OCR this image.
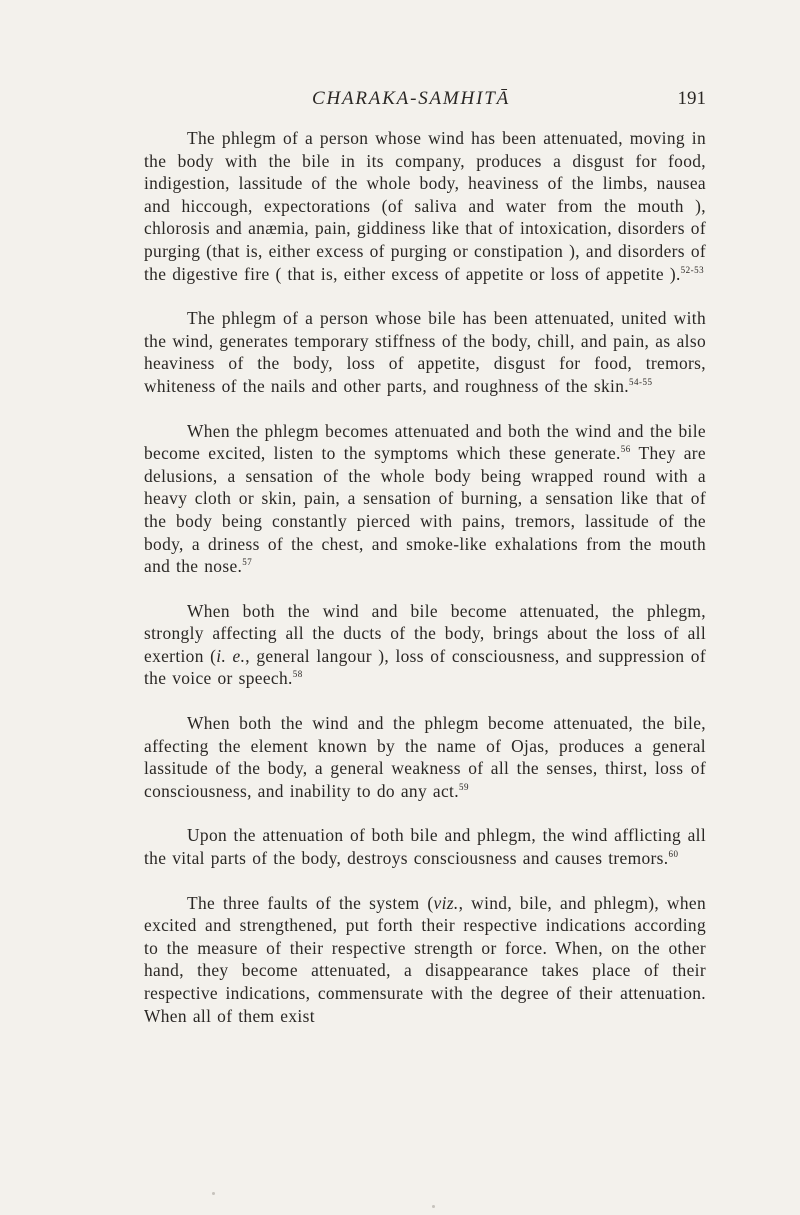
CHARAKA-SAMHITĀ	191

The phlegm of a person whose wind has been attenuated, moving in the body with the bile in its company, produces a disgust for food, indigestion, lassitude of the whole body, heaviness of the limbs, nausea and hiccough, expectorations (of saliva and water from the mouth ), chlorosis and anæmia, pain, giddiness like that of intoxication, disorders of purging (that is, either excess of purging or constipation ), and disorders of the digestive fire ( that is, either excess of appetite or loss of appetite ).$^{52-53}$

The phlegm of a person whose bile has been attenuated, united with the wind, generates temporary stiffness of the body, chill, and pain, as also heaviness of the body, loss of appetite, disgust for food, tremors, whiteness of the nails and other parts, and roughness of the skin.$^{54-55}$

When the phlegm becomes attenuated and both the wind and the bile become excited, listen to the symptoms which these generate.$^{56}$ They are delusions, a sensation of the whole body being wrapped round with a heavy cloth or skin, pain, a sensation of burning, a sensation like that of the body being constantly pierced with pains, tremors, lassitude of the body, a driness of the chest, and smoke-like exhalations from the mouth and the nose.$^{57}$

When both the wind and bile become attenuated, the phlegm, strongly affecting all the ducts of the body, brings about the loss of all exertion (i. e., general langour ), loss of consciousness, and suppression of the voice or speech.$^{58}$

When both the wind and the phlegm become attenuated, the bile, affecting the element known by the name of Ojas, produces a general lassitude of the body, a general weakness of all the senses, thirst, loss of consciousness, and inability to do any act.$^{59}$

Upon the attenuation of both bile and phlegm, the wind afflicting all the vital parts of the body, destroys consciousness and causes tremors.$^{60}$

The three faults of the system (viz., wind, bile, and phlegm), when excited and strengthened, put forth their respective indications according to the measure of their respective strength or force. When, on the other hand, they become attenuated, a disappearance takes place of their respective indications, commensurate with the degree of their attenuation. When all of them exist
